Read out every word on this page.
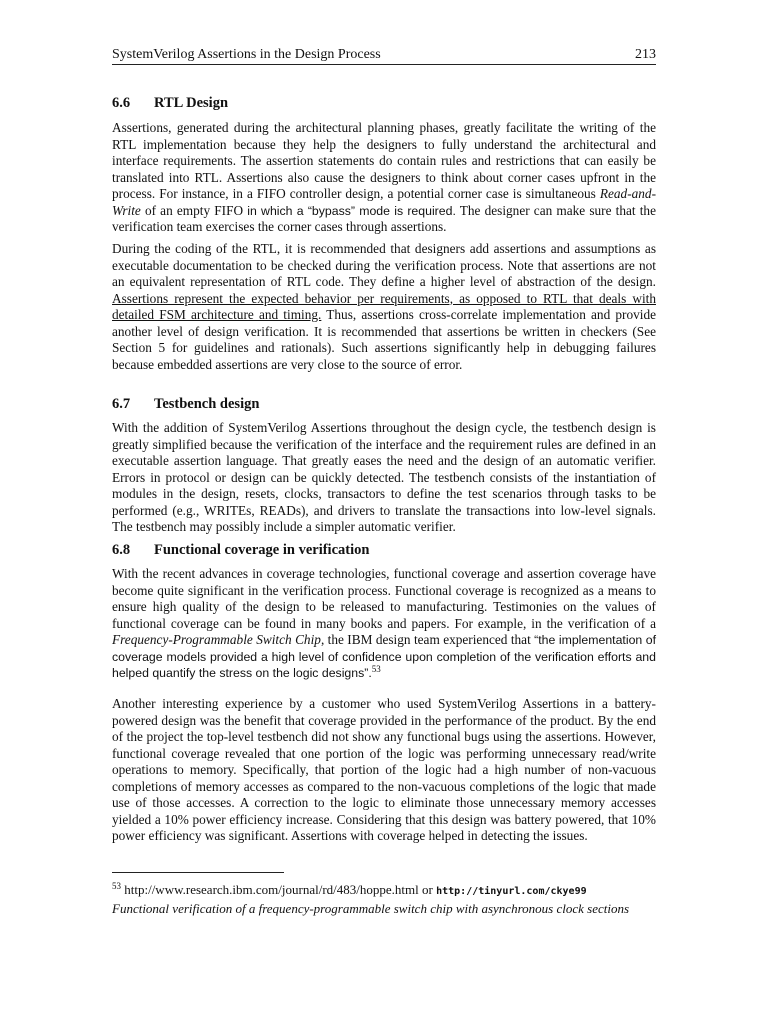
SystemVerilog Assertions in the Design Process	213
6.6 RTL Design

Assertions, generated during the architectural planning phases, greatly facilitate the writing of the RTL implementation because they help the designers to fully understand the architectural and interface requirements. The assertion statements do contain rules and restrictions that can easily be translated into RTL. Assertions also cause the designers to think about corner cases upfront in the process. For instance, in a FIFO controller design, a potential corner case is simultaneous Read-and-Write of an empty FIFO in which a “bypass” mode is required. The designer can make sure that the verification team exercises the corner cases through assertions.

During the coding of the RTL, it is recommended that designers add assertions and assumptions as executable documentation to be checked during the verification process. Note that assertions are not an equivalent representation of RTL code. They define a higher level of abstraction of the design. Assertions represent the expected behavior per requirements, as opposed to RTL that deals with detailed FSM architecture and timing. Thus, assertions cross-correlate implementation and provide another level of design verification. It is recommended that assertions be written in checkers (See Section 5 for guidelines and rationals). Such assertions significantly help in debugging failures because embedded assertions are very close to the source of error.

6.7 Testbench design

With the addition of SystemVerilog Assertions throughout the design cycle, the testbench design is greatly simplified because the verification of the interface and the requirement rules are defined in an executable assertion language. That greatly eases the need and the design of an automatic verifier. Errors in protocol or design can be quickly detected. The testbench consists of the instantiation of modules in the design, resets, clocks, transactors to define the test scenarios through tasks to be performed (e.g., WRITEs, READs), and drivers to translate the transactions into low-level signals. The testbench may possibly include a simpler automatic verifier.

6.8 Functional coverage in verification

With the recent advances in coverage technologies, functional coverage and assertion coverage have become quite significant in the verification process. Functional coverage is recognized as a means to ensure high quality of the design to be released to manufacturing. Testimonies on the values of functional coverage can be found in many books and papers. For example, in the verification of a Frequency-Programmable Switch Chip, the IBM design team experienced that “the implementation of coverage models provided a high level of confidence upon completion of the verification efforts and helped quantify the stress on the logic designs”.$^{53}$

Another interesting experience by a customer who used SystemVerilog Assertions in a battery-powered design was the benefit that coverage provided in the performance of the product. By the end of the project the top-level testbench did not show any functional bugs using the assertions. However, functional coverage revealed that one portion of the logic was performing unnecessary read/write operations to memory. Specifically, that portion of the logic had a high number of non-vacuous completions of memory accesses as compared to the non-vacuous completions of the logic that made use of those accesses. A correction to the logic to eliminate those unnecessary memory accesses yielded a 10% power efficiency increase. Considering that this design was battery powered, that 10% power efficiency was significant. Assertions with coverage helped in detecting the issues.

$^{53}$ http://www.research.ibm.com/journal/rd/483/hoppe.html or http://tinyurl.com/ckye99
Functional verification of a frequency-programmable switch chip with asynchronous clock sections
